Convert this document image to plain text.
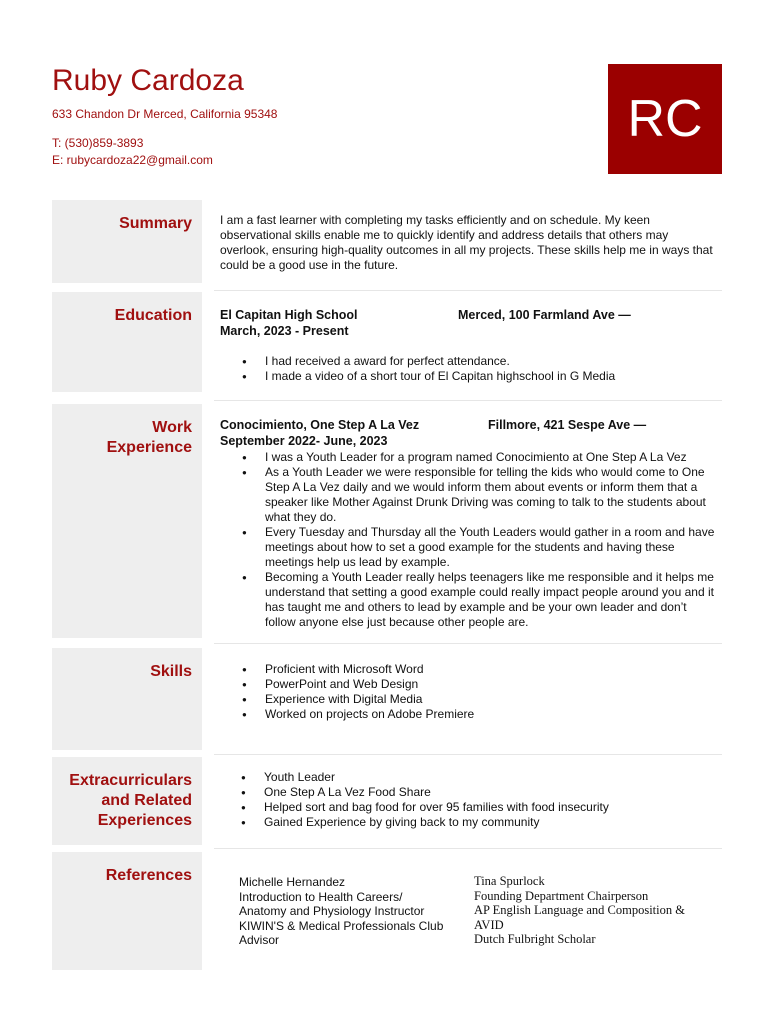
Ruby Cardoza
633 Chandon Dr Merced, California 95348
T: (530)859-3893
E: rubycardoza22@gmail.com
RC
Summary I am a fast learner with completing my tasks efficiently and on schedule. My keen observational skills enable me to quickly identify and address details that others may overlook, ensuring high-quality outcomes in all my projects. These skills help me in ways that could be a good use in the future.

Education El Capitan High School	Merced, 100 Farmland Ave —
March, 2023 - Present
● I had received a award for perfect attendance.
● I made a video of a short tour of El Capitan highschool in G Media
Work
Experience
Conocimiento, One Step A La Vez	Fillmore, 421 Sespe Ave —
September 2022- June, 2023
● I was a Youth Leader for a program named Conocimiento at One Step A La Vez
● As a Youth Leader we were responsible for telling the kids who would come to One Step A La Vez daily and we would inform them about events or inform them that a speaker like Mother Against Drunk Driving was coming to talk to the students about what they do.
● Every Tuesday and Thursday all the Youth Leaders would gather in a room and have meetings about how to set a good example for the students and having these meetings help us lead by example.
● Becoming a Youth Leader really helps teenagers like me responsible and it helps me understand that setting a good example could really impact people around you and it has taught me and others to lead by example and be your own leader and don’t follow anyone else just because other people are.
Skills
●	Proficient with Microsoft Word
● PowerPoint and Web Design
● Experience with Digital Media
● Worked on projects on Adobe Premiere
Extracurriculars
and Related
Experiences
● Youth Leader
● One Step A La Vez Food Share
● Helped sort and bag food for over 95 families with food insecurity
● Gained Experience by giving back to my community
References	Michelle Hernandez
Introduction to Health Careers/
Anatomy and Physiology Instructor
KIWIN'S & Medical Professionals Club
Advisor
Tina Spurlock
Founding Department Chairperson
AP English Language and Composition &
AVID
Dutch Fulbright Scholar
